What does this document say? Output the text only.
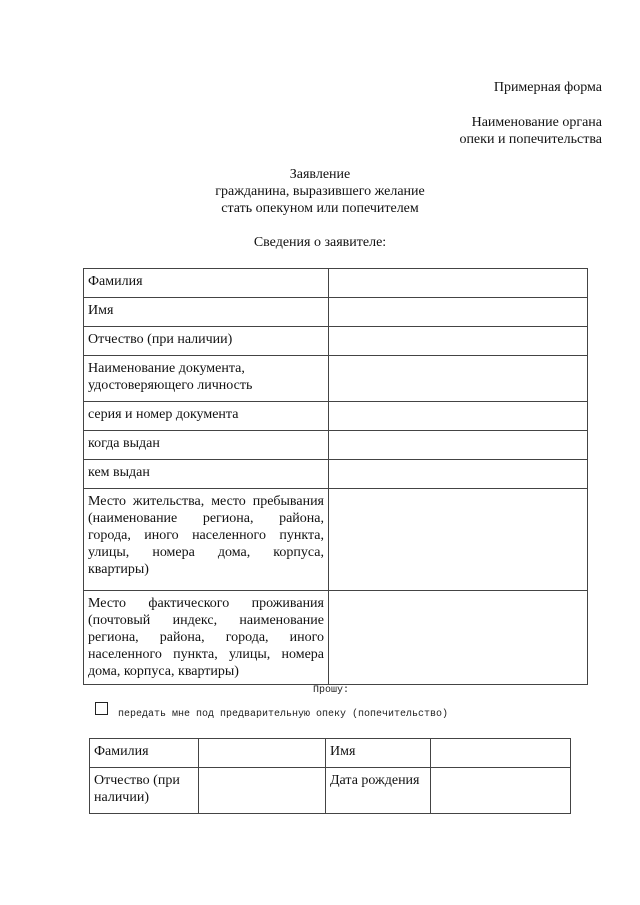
Примерная форма
Наименование органа
опеки и попечительства
Заявление
гражданина, выразившего желание
стать опекуном или попечителем
Сведения о заявителе:
Фамилия	
Имя	
Отчество (при наличии)	
Наименование документа, удостоверяющего личность	
серия и номер документа	
когда выдан	
кем выдан	
Место жительства, место пребывания (наименование региона, района, города, иного населенного пункта, улицы, номера дома, корпуса, квартиры)	
Место фактического проживания (почтовый индекс, наименование региона, района, города, иного населенного пункта, улицы, номера дома, корпуса, квартиры)	
Прошу:
передать мне под предварительную опеку (попечительство)
Фамилия		Имя	
Отчество (при наличии)		Дата рождения	
